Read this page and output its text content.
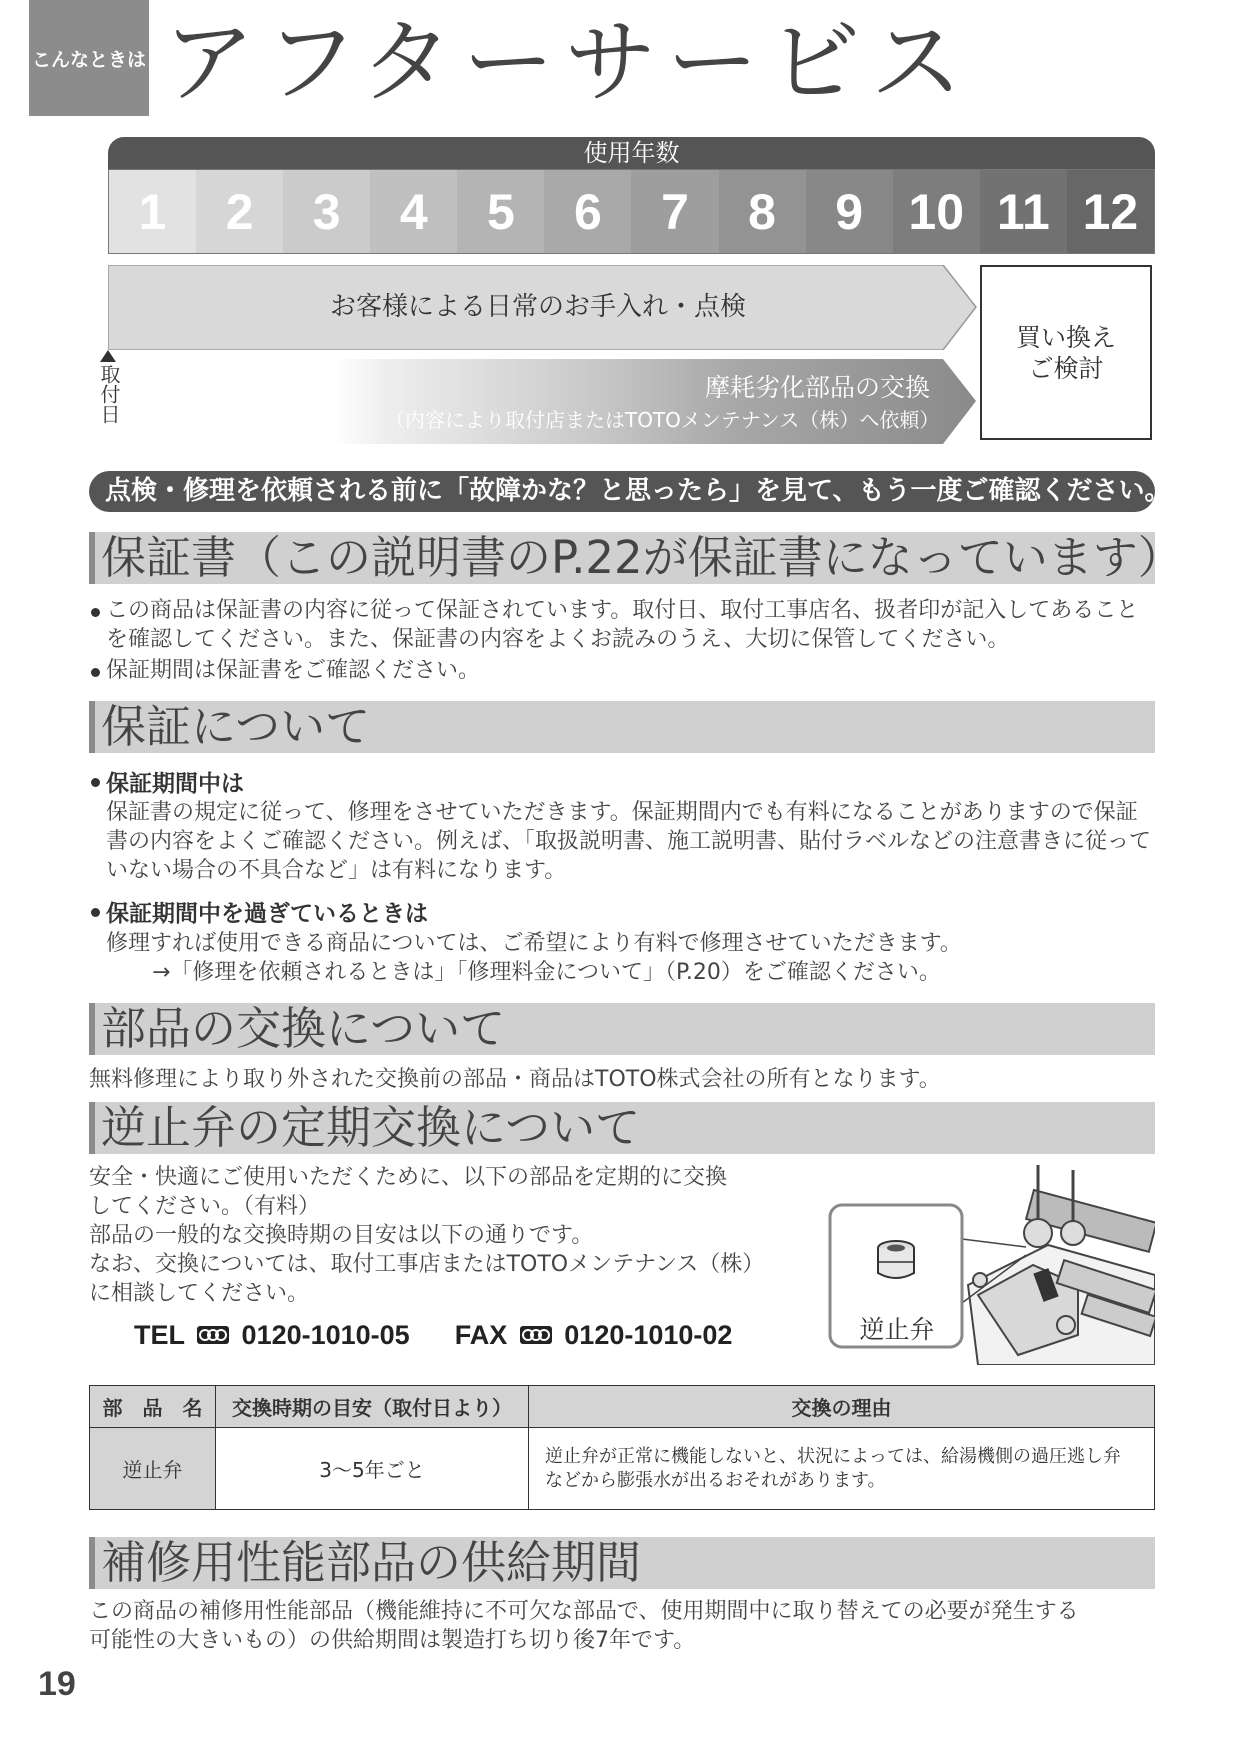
こんなときは アフターサービス
使用年数
1	2	3	4	5	6	7	8	9 10 11 12
お客様による日常のお手入れ・点検
摩耗劣化部品の交換
（内容により取付店またはTOTOメンテナンス（株）へ依頼）
取付日
買い換え
ご検討
点検・修理を依頼される前に「故障かな？と思ったら」を見て、もう一度ご確認ください。
保証書（この説明書のP.22が保証書になっています）
この商品は保証書の内容に従って保証されています。取付日、取付工事店名、扱者印が記入してあること
を確認してください。また、保証書の内容をよくお読みのうえ、大切に保管してください。
保証期間は保証書をご確認ください。
保証について
保証期間中は
保証書の規定に従って、修理をさせていただきます。保証期間内でも有料になることがありますので保証
書の内容をよくご確認ください。例えば、「取扱説明書、施工説明書、貼付ラベルなどの注意書きに従って
いない場合の不具合など」は有料になります。
保証期間中を過ぎているときは
修理すれば使用できる商品については、ご希望により有料で修理させていただきます。
→「修理を依頼されるときは」「修理料金について」（P.20）をご確認ください。
部品の交換について
無料修理により取り外された交換前の部品・商品はTOTO株式会社の所有となります。
逆止弁の定期交換について
安全・快適にご使用いただくために、以下の部品を定期的に交換
してください。（有料）
部品の一般的な交換時期の目安は以下の通りです。
なお、交換については、取付工事店またはTOTOメンテナンス（株）
に相談してください。
TEL 0120-1010-05 FAX 0120-1010-02	逆止弁
部　品　名	交換時期の目安（取付日より）	交換の理由
逆止弁	3～5年ごと	逆止弁が正常に機能しないと、状況によっては、給湯機側の過圧逃し弁
などから膨張水が出るおそれがあります。
補修用性能部品の供給期間
この商品の補修用性能部品（機能維持に不可欠な部品で、使用期間中に取り替えての必要が発生する
可能性の大きいもの）の供給期間は製造打ち切り後7年です。
19
